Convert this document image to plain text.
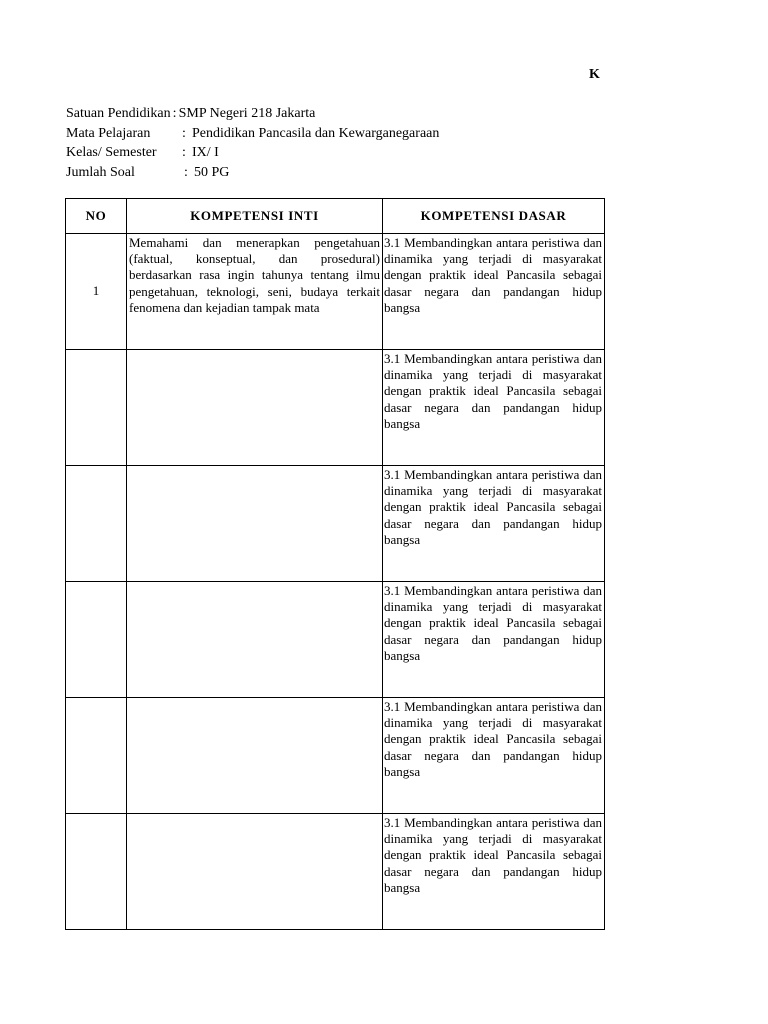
K
Satuan Pendidikan : SMP Negeri 218 Jakarta
Mata Pelajaran	: Pendidikan Pancasila dan Kewarganegaraan
Kelas/ Semester	: IX/ I
Jumlah Soal	: 50 PG
NO	KOMPETENSI INTI	KOMPETENSI DASAR
1	Memahami dan menerapkan pengetahuan (faktual, konseptual, dan prosedural) berdasarkan rasa ingin tahunya tentang ilmu pengetahuan, teknologi, seni, budaya terkait fenomena dan kejadian tampak mata	3.1 Membandingkan antara peristiwa dan dinamika yang terjadi di masyarakat dengan praktik ideal Pancasila sebagai dasar negara dan pandangan hidup bangsa
		3.1 Membandingkan antara peristiwa dan dinamika yang terjadi di masyarakat dengan praktik ideal Pancasila sebagai dasar negara dan pandangan hidup bangsa
		3.1 Membandingkan antara peristiwa dan dinamika yang terjadi di masyarakat dengan praktik ideal Pancasila sebagai dasar negara dan pandangan hidup bangsa
		3.1 Membandingkan antara peristiwa dan dinamika yang terjadi di masyarakat dengan praktik ideal Pancasila sebagai dasar negara dan pandangan hidup bangsa
		3.1 Membandingkan antara peristiwa dan dinamika yang terjadi di masyarakat dengan praktik ideal Pancasila sebagai dasar negara dan pandangan hidup bangsa
		3.1 Membandingkan antara peristiwa dan dinamika yang terjadi di masyarakat dengan praktik ideal Pancasila sebagai dasar negara dan pandangan hidup bangsa
